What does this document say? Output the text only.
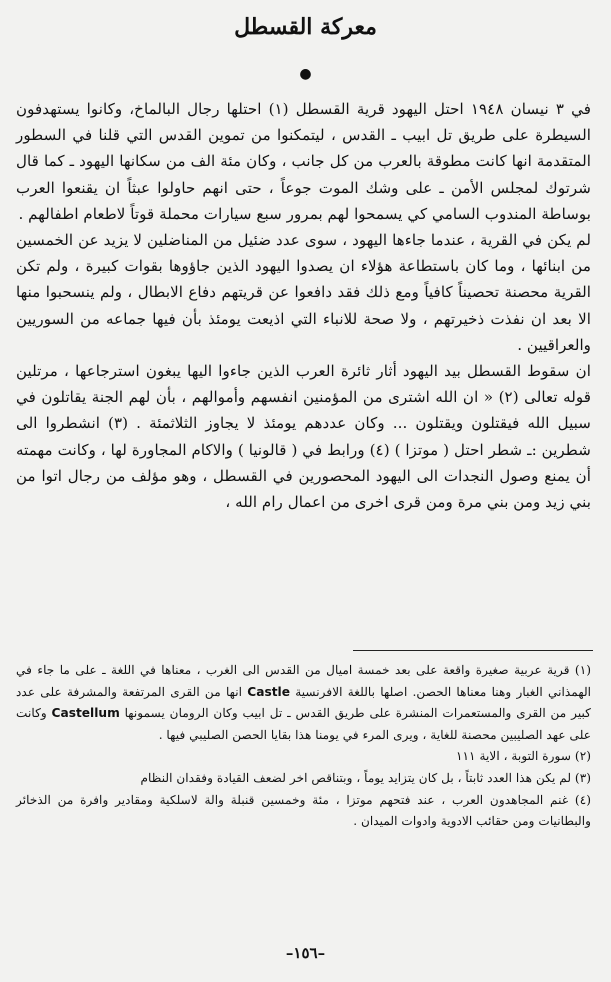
معركة القسطل
●

في ٣ نيسان ١٩٤٨ احتل اليهود قرية القسطل (١) احتلها رجال البالماخ، وكانوا يستهدفون السيطرة على طريق تل ابيب ـ القدس ، ليتمكنوا من تموين القدس التي قلنا في السطور المتقدمة انها كانت مطوقة بالعرب من كل جانب ، وكان مئة الف من سكانها اليهود ـ كما قال شرتوك لمجلس الأمن ـ على وشك الموت جوعاً ، حتى انهم حاولوا عبثاً ان يقنعوا العرب بوساطة المندوب السامي كي يسمحوا لهم بمرور سبع سيارات محملة قوتاً لاطعام اطفالهم .

لم يكن في القرية ، عندما جاءها اليهود ، سوى عدد ضئيل من المناضلين لا يزيد عن الخمسين من ابنائها ، وما كان باستطاعة هؤلاء ان يصدوا اليهود الذين جاؤوها بقوات كبيرة ، ولم تكن القرية محصنة تحصيناً كافياً ومع ذلك فقد دافعوا عن قريتهم دفاع الابطال ، ولم ينسحبوا منها الا بعد ان نفذت ذخيرتهم ، ولا صحة للانباء التي اذيعت يومئذ بأن فيها جماعه من السوريين والعراقيين .

ان سقوط القسطل بيد اليهود أثار ثائرة العرب الذين جاءوا اليها يبغون استرجاعها ، مرتلين قوله تعالى (٢) « ان الله اشترى من المؤمنين انفسهم وأموالهم ، بأن لهم الجنة يقاتلون في سبيل الله فيقتلون ويقتلون ... وكان عددهم يومئذ لا يجاوز الثلاثمئة . (٣) انشطروا الى شطرين :ـ شطر احتل ( موتزا ) (٤) ورابط في ( قالونيا ) والاكام المجاورة لها ، وكانت مهمته أن يمنع وصول النجدات الى اليهود المحصورين في القسطل ، وهو مؤلف من رجال اتوا من بني زيد ومن بني مرة ومن قرى اخرى من اعمال رام الله ،

(١) قرية عربية صغيرة واقعة على بعد خمسة اميال من القدس الى الغرب ، معناها في اللغة ـ على ما جاء في الهمذاني الغبار وهنا معناها الحصن. اصلها باللغة الافرنسية Castle انها من القرى المرتفعة والمشرفة على عدد كبير من القرى والمستعمرات المنشرة على طريق القدس ـ تل ابيب وكان الرومان يسمونها Castellum وكانت على عهد الصليبين محصنة للغاية ، ويرى المرء في يومنا هذا بقايا الحصن الصليبي فيها .

(٢) سورة التوبة ، الاية ١١١

(٣) لم يكن هذا العدد ثابتاً ، بل كان يتزايد يوماً ، وبتناقص اخر لضعف القيادة وفقدان النظام

(٤) غنم المجاهدون العرب ، عند فتحهم موتزا ، مئة وخمسين قنبلة والة لاسلكية ومقادير وافرة من الذخائر والبطانيات ومن حقائب الادوية وادوات الميدان .

–١٥٦–
